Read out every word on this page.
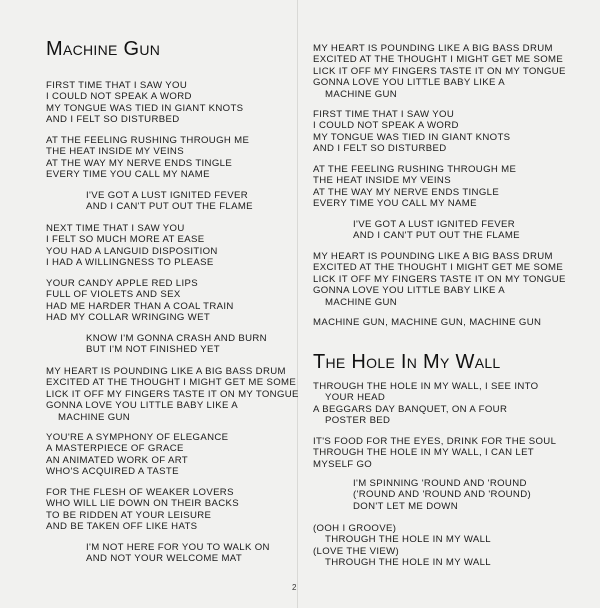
Machine Gun
FIRST TIME THAT I SAW YOU
I COULD NOT SPEAK A WORD
MY TONGUE WAS TIED IN GIANT KNOTS
AND I FELT SO DISTURBED
AT THE FEELING RUSHING THROUGH ME
THE HEAT INSIDE MY VEINS
AT THE WAY MY NERVE ENDS TINGLE
EVERY TIME YOU CALL MY NAME
I'VE GOT A LUST IGNITED FEVER
AND I CAN'T PUT OUT THE FLAME
NEXT TIME THAT I SAW YOU
I FELT SO MUCH MORE AT EASE
YOU HAD A LANGUID DISPOSITION
I HAD A WILLINGNESS TO PLEASE
YOUR CANDY APPLE RED LIPS
FULL OF VIOLETS AND SEX
HAD ME HARDER THAN A COAL TRAIN
HAD MY COLLAR WRINGING WET
KNOW I'M GONNA CRASH AND BURN
BUT I'M NOT FINISHED YET
MY HEART IS POUNDING LIKE A BIG BASS DRUM
EXCITED AT THE THOUGHT I MIGHT GET ME SOME
LICK IT OFF MY FINGERS TASTE IT ON MY TONGUE
GONNA LOVE YOU LITTLE BABY LIKE A
MACHINE GUN
YOU'RE A SYMPHONY OF ELEGANCE
A MASTERPIECE OF GRACE
AN ANIMATED WORK OF ART
WHO'S ACQUIRED A TASTE
FOR THE FLESH OF WEAKER LOVERS
WHO WILL LIE DOWN ON THEIR BACKS
TO BE RIDDEN AT YOUR LEISURE
AND BE TAKEN OFF LIKE HATS
I'M NOT HERE FOR YOU TO WALK ON
AND NOT YOUR WELCOME MAT
MY HEART IS POUNDING LIKE A BIG BASS DRUM
EXCITED AT THE THOUGHT I MIGHT GET ME SOME
LICK IT OFF MY FINGERS TASTE IT ON MY TONGUE
GONNA LOVE YOU LITTLE BABY LIKE A
MACHINE GUN
FIRST TIME THAT I SAW YOU
I COULD NOT SPEAK A WORD
MY TONGUE WAS TIED IN GIANT KNOTS
AND I FELT SO DISTURBED
AT THE FEELING RUSHING THROUGH ME
THE HEAT INSIDE MY VEINS
AT THE WAY MY NERVE ENDS TINGLE
EVERY TIME YOU CALL MY NAME
I'VE GOT A LUST IGNITED FEVER
AND I CAN'T PUT OUT THE FLAME
MY HEART IS POUNDING LIKE A BIG BASS DRUM
EXCITED AT THE THOUGHT I MIGHT GET ME SOME
LICK IT OFF MY FINGERS TASTE IT ON MY TONGUE
GONNA LOVE YOU LITTLE BABY LIKE A
MACHINE GUN
MACHINE GUN, MACHINE GUN, MACHINE GUN
The Hole In My Wall
THROUGH THE HOLE IN MY WALL, I SEE INTO
YOUR HEAD
A BEGGARS DAY BANQUET, ON A FOUR
POSTER BED
IT'S FOOD FOR THE EYES, DRINK FOR THE SOUL
THROUGH THE HOLE IN MY WALL, I CAN LET
MYSELF GO
I'M SPINNING 'ROUND AND 'ROUND
('ROUND AND 'ROUND AND 'ROUND)
DON'T LET ME DOWN
(OOH I GROOVE)
THROUGH THE HOLE IN MY WALL
(LOVE THE VIEW)
THROUGH THE HOLE IN MY WALL
2
